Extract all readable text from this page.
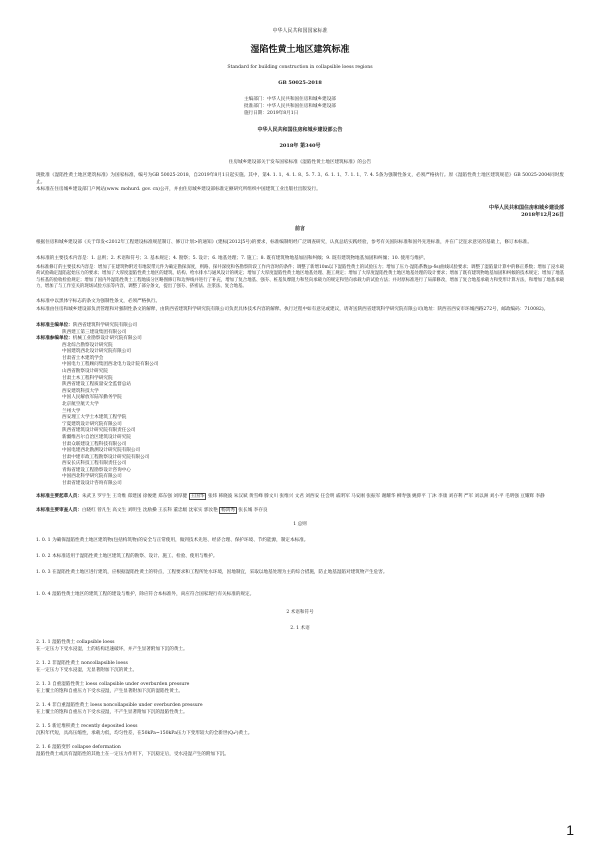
中华人民共和国国家标准
湿陷性黄土地区建筑标准
Standard for building construction in collapsible loess regions
GB 50025-2018
主编部门：中华人民共和国住房和城乡建设部
批准部门：中华人民共和国住房和城乡建设部
施行日期：2019年8月1日
中华人民共和国住房和城乡建设部公告
2018年 第340号
住房城乡建设部关于发布国家标准《湿陷性黄土地区建筑标准》的公告
现批准《湿陷性黄土地区建筑标准》为国家标准，编号为GB 50025-2018，自2019年8月1日起实施。其中，第4. 1. 1、4. 1. 8、5. 7. 3、6. 1. 1、7. 1. 1、7. 4. 5条为强制性条文，必须严格执行。原《湿陷性黄土地区建筑规范》GB 50025-2004同时废止。
本标准在住房城乡建设部门户网站(www. mohurd. gov. cn)公开，并由住房城乡建设部标准定额研究所组织中国建筑工业出版社出版发行。
中华人民共和国住房和城乡建设部
2018年12月26日
前言
根据住房和城乡建设部《关于印发<2012年工程建设标准规范制订、修订计划>的通知》(建标[2012]5号)的要求，标准编制组经广泛调查研究，认真总结实践经验，参考有关国际标准和国外先进标准，并在广泛征求意见的基础上，修订本标准。
本标准的主要技术内容是：1. 总则；2. 术语和符号；3. 基本规定；4. 勘察；5. 设计；6. 地基处理；7. 施工；8. 既有建筑物地基加固和纠倾；9. 既有建筑物地基加固和纠倾；10. 使用与维护。
本标准修订的主要技术内容是：增加了在建筑物附近有地裂带元件为确定勘探深度，则路、探井深度和各勘察阶段工作内容时的条件；调整了新增10m以下湿陷性黄土的试验压力；增加了压力-湿陷系数(p-δs)曲线试验要求；调整了湿陷量计算中的修正系数；增加了浸水载荷试验确定湿陷起始压力的要求；增加了大厚度湿陷性黄土地区的建筑、结构、给水排水与通风设计的规定；增加了大厚度湿陷性黄土地区地基处理、施工规定；增加了大厚度湿陷性黄土地区地基处理的设计要求；增加了既有建筑物地基加固和纠倾的技术规定；增加了地基与桩基的验收检验规定；增加了国内外湿陷性黄土工程地质分区略图修订和边界线并进行了补充，增加了复合地基、强夯、桩基负摩阻力和竖向承载力的规定和竖向承载力的试验方法；并对原标准进行了局部修改，增加了复合地基承载力和变形计算方法，和增加了地基承载力，增加了与工作室关的现场试验方法等内容，调整了部分条文，提出了强夯、挤密法、注浆法、复合地基。
本标准中以黑体字标志的条文为强制性条文，必须严格执行。
本标准由住房和城乡建设部负责管理和对强制性条文的解释，由陕西省建筑科学研究院有限公司负责具体技术内容的解释。执行过程中如有意见或建议，请寄送陕西省建筑科学研究院有限公司(地址：陕西省西安市环城西路272号，邮政编码：710082)。
本标准主编单位：陕西省建筑科学研究院有限公司
陕西建工第三建设集团有限公司
本标准参编单位：机械工业勘察设计研究院有限公司
西北综合勘察设计研究院
中国建筑西北设计研究院有限公司
甘肃省土木建筑学会
中国电力工程顾问集团西北电力设计院有限公司
山西省勘察设计研究院
甘肃土木工程科学研究院
陕西省建设工程质量安全监督总站
西安建筑科技大学
中国人民解放军陆军勤务学院
北京航空航天大学
兰州大学
西安理工大学土木建筑工程学院
宁夏建筑设计研究院有限公司
陕西省建筑设计研究院有限责任公司
新疆维吾尔自治区建筑设计研究院
甘肃众联建设工程科技有限公司
中国电建西北勘测设计研究院有限公司
甘肃中建市政工程勘察设计研究院有限公司
西安长庆科技工程有限责任公司
青海省建设工程勘察设计咨询中心
中国西北科学研究院有限公司
甘肃省建设设计咨询有限公司
本标准主要起草人员：朱武卫 罗宇生 王奇维 郑建国 徐俊建 郑东强 刘厚健 王国华 张炜 韩晓波 朱汉斌 黄雪峰 滕文川 张维兴 文君 刘西安 任会明 戚明军 马安刚 张振军 谢耀华 柳寿强 姚仰平 丁沐 李康 刘存利 严军 刘以洲 刘小平 毛明强 豆耀辉 李静
本标准主要审查人员：白晓红 曾凡生 高文生 刘明生 沈励操 王长科 董忠级 沈家实 郭汝艳 杨鸿秀 张长城 李存良
1 总则
1. 0. 1 为确保湿陷性黄土地区建筑物(包括构筑物)的安全与正常使用，做到技术先进、经济合理、保护环境、节约能源，制定本标准。
1. 0. 2 本标准适用于湿陷性黄土地区建筑工程的勘察、设计、施工、检验、使用与维护。
1. 0. 3 在湿陷性黄土地区进行建筑，应根据湿陷性黄土的特点，工程要求和工程所处水环境，因地制宜，采取以地基处理为主的综合措施，防止地基湿陷对建筑物产生危害。
1. 0. 4 湿陷性黄土地区的建筑工程的建设与维护，除应符合本标准外，尚应符合国家现行有关标准的规定。
2 术语和符号
2. 1 术语
2. 1. 1 湿陷性黄土 collapsible loess
在一定压力下受水浸湿，土的结构迅速破坏，并产生显著附加下沉的黄土。
2. 1. 2 非湿陷性黄土 noncollapsible loess
在一定压力下受水浸湿，无显著附加下沉的黄土。
2. 1. 3 自重湿陷性黄土 loess collapsible under overburden pressure
在上覆土的饱和自重压力下受水浸湿，产生显著附加下沉的湿陷性黄土。
2. 1. 4 非自重湿陷性黄土 loess noncollapsible under overburden pressure
在上覆土的饱和自重压力下受水浸湿，不产生显著附加下沉的湿陷性黄土。
2. 1. 5 新近堆积黄土 recently deposited loess
沉积年代短，具高压缩性，承载力低，均匀性差，在50kPa~150kPa压力下变形较大的全新世(Q₄²)黄土。
2. 1. 6 湿陷变形 collapse deformation
湿陷性黄土或具有湿陷性的其他土在一定压力作用下，下沉稳定后，受水浸湿产生的附加下沉。
1
